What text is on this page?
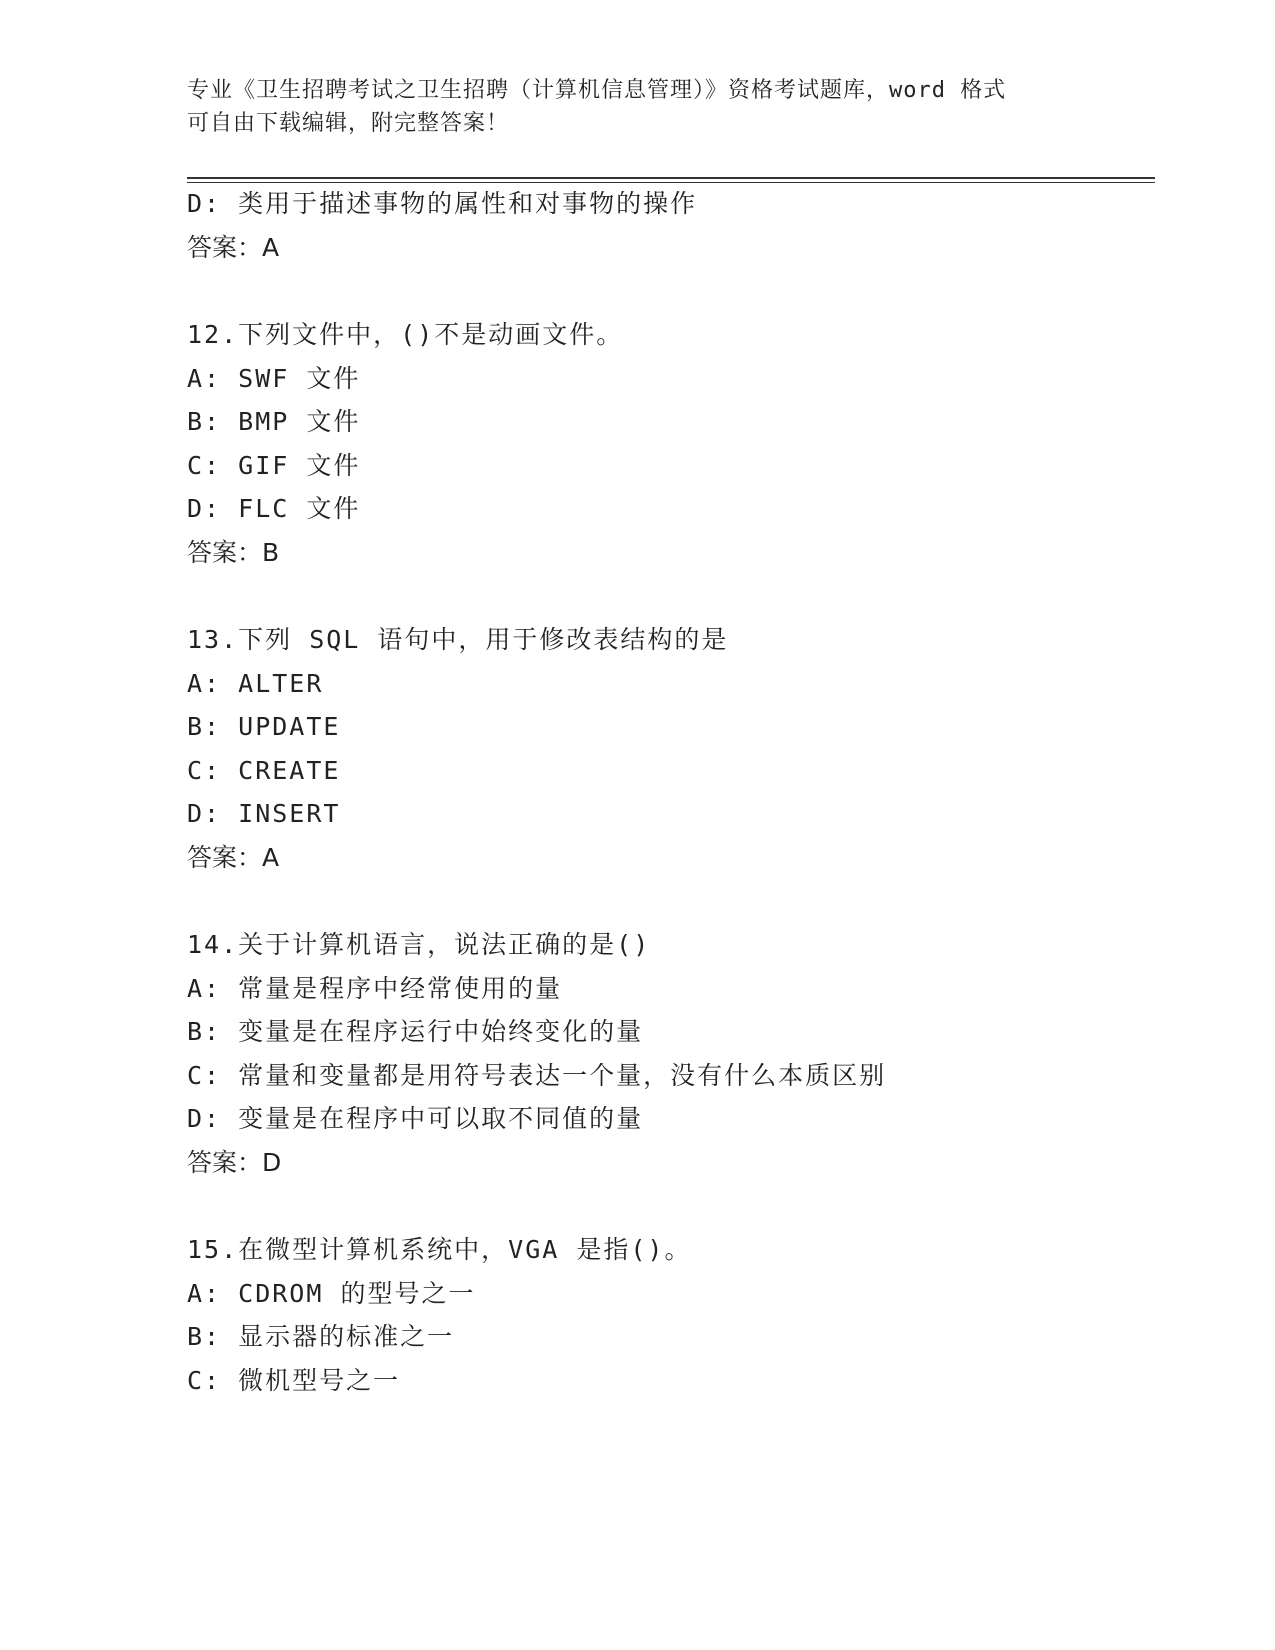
专业《卫生招聘考试之卫生招聘（计算机信息管理）》资格考试题库，word 格式
可自由下载编辑，附完整答案！
D: 类用于描述事物的属性和对事物的操作
答案：A
12.下列文件中，()不是动画文件。
A: SWF 文件
B: BMP 文件
C: GIF 文件
D: FLC 文件
答案：B
13.下列 SQL 语句中，用于修改表结构的是
A: ALTER
B: UPDATE
C: CREATE
D: INSERT
答案：A
14.关于计算机语言，说法正确的是()
A: 常量是程序中经常使用的量
B: 变量是在程序运行中始终变化的量
C: 常量和变量都是用符号表达一个量，没有什么本质区别
D: 变量是在程序中可以取不同值的量
答案：D
15.在微型计算机系统中，VGA 是指()。
A: CDROM 的型号之一
B: 显示器的标准之一
C: 微机型号之一
